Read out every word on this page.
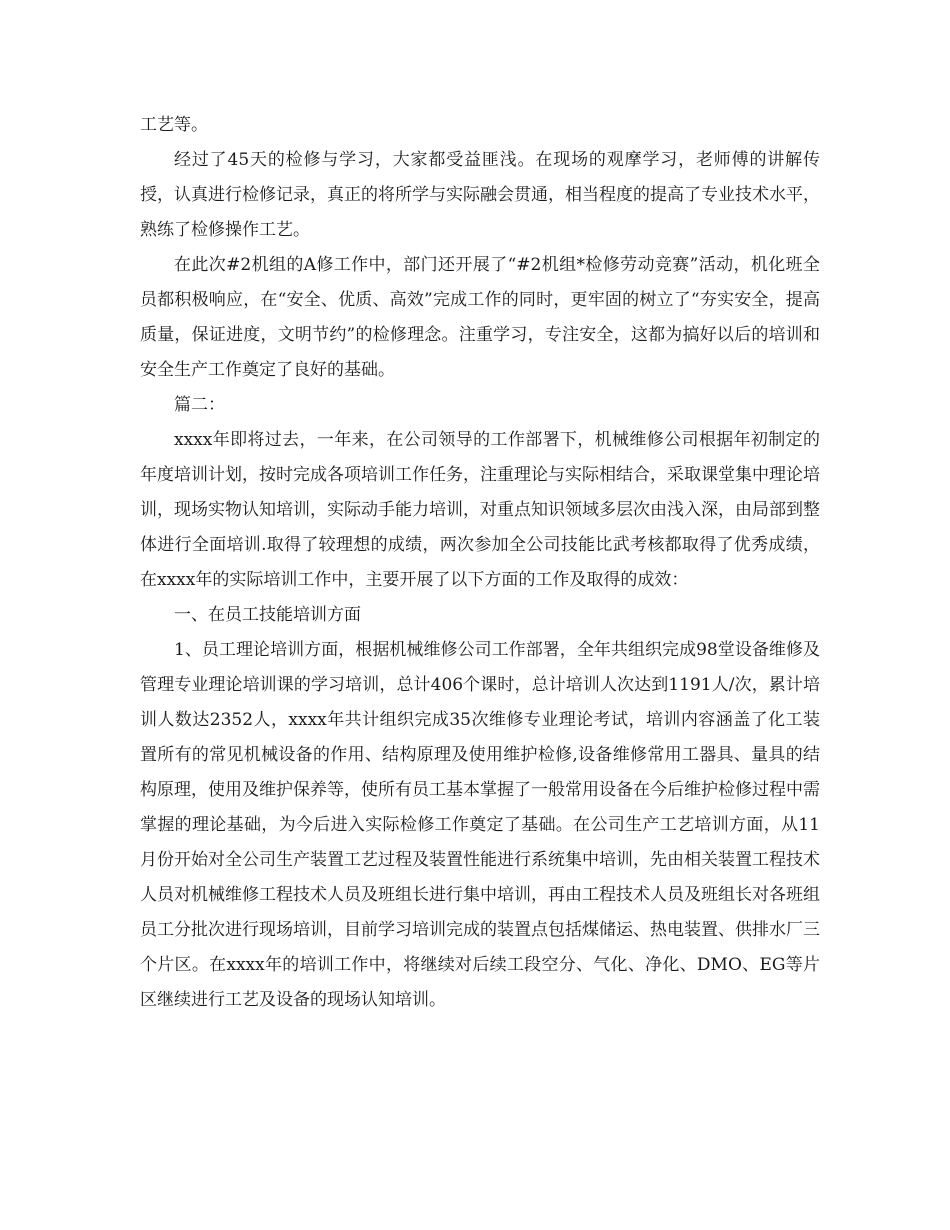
工艺等。

经过了45天的检修与学习，大家都受益匪浅。在现场的观摩学习，老师傅的讲解传授，认真进行检修记录，真正的将所学与实际融会贯通，相当程度的提高了专业技术水平，熟练了检修操作工艺。

在此次#2机组的A修工作中，部门还开展了“#2机组*检修劳动竞赛”活动，机化班全员都积极响应，在“安全、优质、高效”完成工作的同时，更牢固的树立了“夯实安全，提高质量，保证进度，文明节约”的检修理念。注重学习，专注安全，这都为搞好以后的培训和安全生产工作奠定了良好的基础。

篇二：

xxxx年即将过去，一年来，在公司领导的工作部署下，机械维修公司根据年初制定的年度培训计划，按时完成各项培训工作任务，注重理论与实际相结合，采取课堂集中理论培训，现场实物认知培训，实际动手能力培训，对重点知识领域多层次由浅入深，由局部到整体进行全面培训.取得了较理想的成绩，两次参加全公司技能比武考核都取得了优秀成绩，在xxxx年的实际培训工作中，主要开展了以下方面的工作及取得的成效：

一、在员工技能培训方面

1、员工理论培训方面，根据机械维修公司工作部署，全年共组织完成98堂设备维修及管理专业理论培训课的学习培训，总计406个课时，总计培训人次达到1191人/次，累计培训人数达2352人，xxxx年共计组织完成35次维修专业理论考试，培训内容涵盖了化工装置所有的常见机械设备的作用、结构原理及使用维护检修,设备维修常用工器具、量具的结构原理，使用及维护保养等，使所有员工基本掌握了一般常用设备在今后维护检修过程中需掌握的理论基础，为今后进入实际检修工作奠定了基础。在公司生产工艺培训方面，从11月份开始对全公司生产装置工艺过程及装置性能进行系统集中培训，先由相关装置工程技术人员对机械维修工程技术人员及班组长进行集中培训，再由工程技术人员及班组长对各班组员工分批次进行现场培训，目前学习培训完成的装置点包括煤储运、热电装置、供排水厂三个片区。在xxxx年的培训工作中，将继续对后续工段空分、气化、净化、DMO、EG等片区继续进行工艺及设备的现场认知培训。
